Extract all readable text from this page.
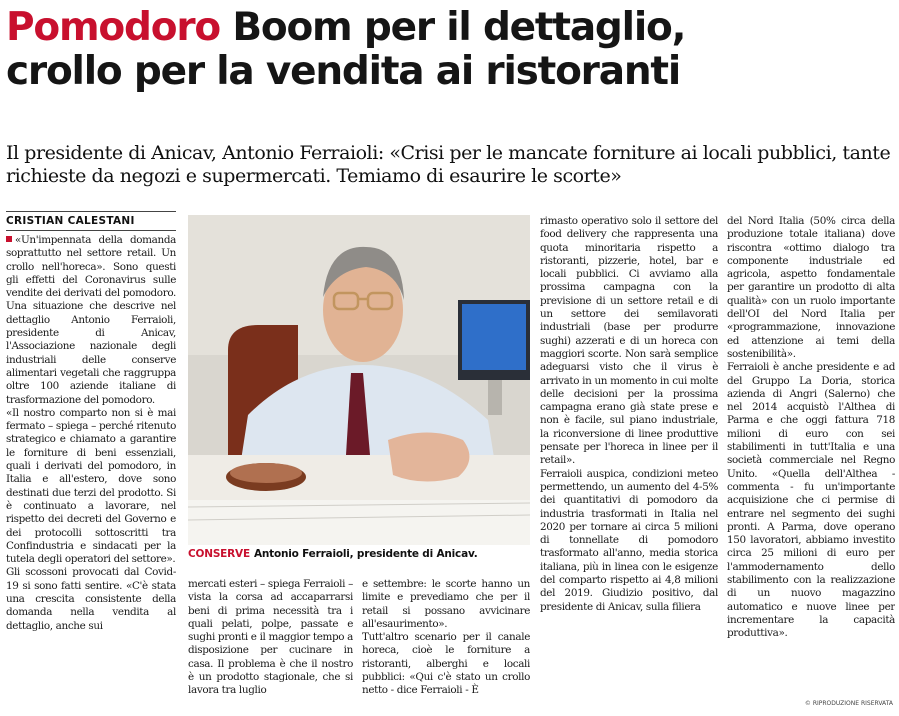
Pomodoro Boom per il dettaglio,
crollo per la vendita ai ristoranti
Il presidente di Anicav, Antonio Ferraioli: «Crisi per le mancate forniture ai locali pubblici, tante richieste da negozi e supermercati. Temiamo di esaurire le scorte»
CRISTIAN CALESTANI

«Un'impennata della domanda soprattutto nel settore retail. Un crollo nell'horeca». Sono questi gli effetti del Coronavirus sulle vendite dei derivati del pomodoro. Una situazione che descrive nel dettaglio Antonio Ferraioli, presidente di Anicav, l'Associazione nazionale degli industriali delle conserve alimentari vegetali che raggruppa oltre 100 aziende italiane di trasformazione del pomodoro.

«Il nostro comparto non si è mai fermato – spiega – perché ritenuto strategico e chiamato a garantire le forniture di beni essenziali, quali i derivati del pomodoro, in Italia e all'estero, dove sono destinati due terzi del prodotto. Si è continuato a lavorare, nel rispetto dei decreti del Governo e dei protocolli sottoscritti tra Confindustria e sindacati per la tutela degli operatori del settore».

Gli scossoni provocati dal Covid-19 si sono fatti sentire. «C'è stata una crescita consistente della domanda nella vendita al dettaglio, anche sui

CONSERVE Antonio Ferraioli, presidente di Anicav.

mercati esteri – spiega Ferraioli – vista la corsa ad accaparrarsi beni di prima necessità tra i quali pelati, polpe, passate e sughi pronti e il maggior tempo a disposizione per cucinare in casa. Il problema è che il nostro è un prodotto stagionale, che si lavora tra luglio

e settembre: le scorte hanno un limite e prevediamo che per il retail si possano avvicinare all'esaurimento».

Tutt'altro scenario per il canale horeca, cioè le forniture a ristoranti, alberghi e locali pubblici: «Qui c'è stato un crollo netto - dice Ferraioli - È

rimasto operativo solo il settore del food delivery che rappresenta una quota minoritaria rispetto a ristoranti, pizzerie, hotel, bar e locali pubblici. Ci avviamo alla prossima campagna con la previsione di un settore retail e di un settore dei semilavorati industriali (base per produrre sughi) azzerati e di un horeca con maggiori scorte. Non sarà semplice adeguarsi visto che il virus è arrivato in un momento in cui molte delle decisioni per la prossima campagna erano già state prese e non è facile, sul piano industriale, la riconversione di linee produttive pensate per l'horeca in linee per il retail».

Ferraioli auspica, condizioni meteo permettendo, un aumento del 4-5% dei quantitativi di pomodoro da industria trasformati in Italia nel 2020 per tornare ai circa 5 milioni di tonnellate di pomodoro trasformato all'anno, media storica italiana, più in linea con le esigenze del comparto rispetto ai 4,8 milioni del 2019. Giudizio positivo, dal presidente di Anicav, sulla filiera

del Nord Italia (50% circa della produzione totale italiana) dove riscontra «ottimo dialogo tra componente industriale ed agricola, aspetto fondamentale per garantire un prodotto di alta qualità» con un ruolo importante dell'OI del Nord Italia per «programmazione, innovazione ed attenzione ai temi della sostenibilità».

Ferraioli è anche presidente e ad del Gruppo La Doria, storica azienda di Angri (Salerno) che nel 2014 acquistò l'Althea di Parma e che oggi fattura 718 milioni di euro con sei stabilimenti in tutt'Italia e una società commerciale nel Regno Unito. «Quella dell'Althea - commenta - fu un'importante acquisizione che ci permise di entrare nel segmento dei sughi pronti. A Parma, dove operano 150 lavoratori, abbiamo investito circa 25 milioni di euro per l'ammodernamento dello stabilimento con la realizzazione di un nuovo magazzino automatico e nuove linee per incrementare la capacità produttiva».

© RIPRODUZIONE RISERVATA
